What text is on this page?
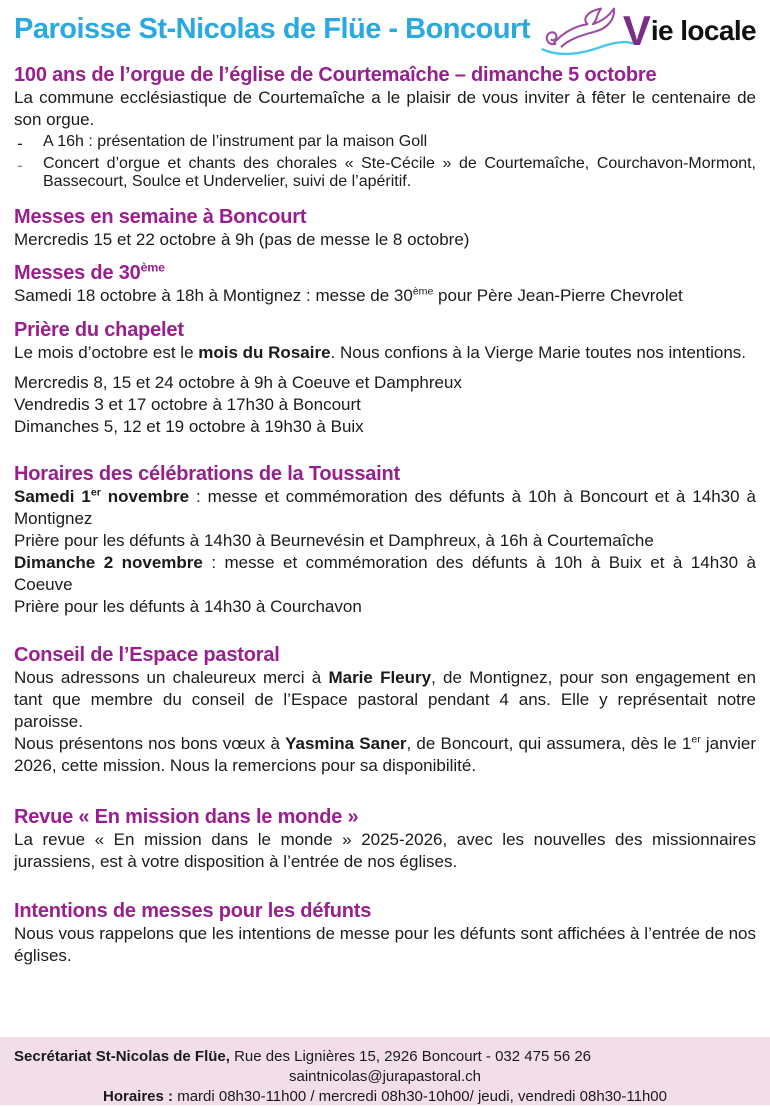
Paroisse St-Nicolas de Flüe - Boncourt V ie locale
100 ans de l’orgue de l’église de Courtemaîche – dimanche 5 octobre

La commune ecclésiastique de Courtemaîche a le plaisir de vous inviter à fêter le centenaire de son orgue.

-	A 16h : présentation de l’instrument par la maison Goll
-	Concert d’orgue et chants des chorales « Ste-Cécile » de Courtemaîche, Courchavon-Mormont, Bassecourt, Soulce et Undervelier, suivi de l’apéritif.
Messes en semaine à Boncourt

Mercredis 15 et 22 octobre à 9h (pas de messe le 8 octobre)

Messes de 30ème

Samedi 18 octobre à 18h à Montignez : messe de 30ème pour Père Jean-Pierre Chevrolet

Prière du chapelet

Le mois d’octobre est le mois du Rosaire. Nous confions à la Vierge Marie toutes nos intentions.

Mercredis 8, 15 et 24 octobre à 9h à Coeuve et Damphreux

Vendredis 3 et 17 octobre à 17h30 à Boncourt

Dimanches 5, 12 et 19 octobre à 19h30 à Buix

Horaires des célébrations de la Toussaint

Samedi 1er novembre : messe et commémoration des défunts à 10h à Boncourt et à 14h30 à Montignez

Prière pour les défunts à 14h30 à Beurnevésin et Damphreux, à 16h à Courtemaîche

Dimanche 2 novembre : messe et commémoration des défunts à 10h à Buix et à 14h30 à Coeuve

Prière pour les défunts à 14h30 à Courchavon

Conseil de l’Espace pastoral

Nous adressons un chaleureux merci à Marie Fleury, de Montignez, pour son engagement en tant que membre du conseil de l’Espace pastoral pendant 4 ans. Elle y représentait notre paroisse.

Nous présentons nos bons vœux à Yasmina Saner, de Boncourt, qui assumera, dès le 1er janvier 2026, cette mission. Nous la remercions pour sa disponibilité.

Revue « En mission dans le monde »

La revue « En mission dans le monde » 2025-2026, avec les nouvelles des missionnaires jurassiens, est à votre disposition à l’entrée de nos églises.

Intentions de messes pour les défunts

Nous vous rappelons que les intentions de messe pour les défunts sont affichées à l’entrée de nos églises.

Secrétariat St-Nicolas de Flüe, Rue des Lignières 15, 2926 Boncourt - 032 475 56 26
saintnicolas@jurapastoral.ch
Horaires : mardi 08h30-11h00 / mercredi 08h30-10h00/ jeudi, vendredi 08h30-11h00
